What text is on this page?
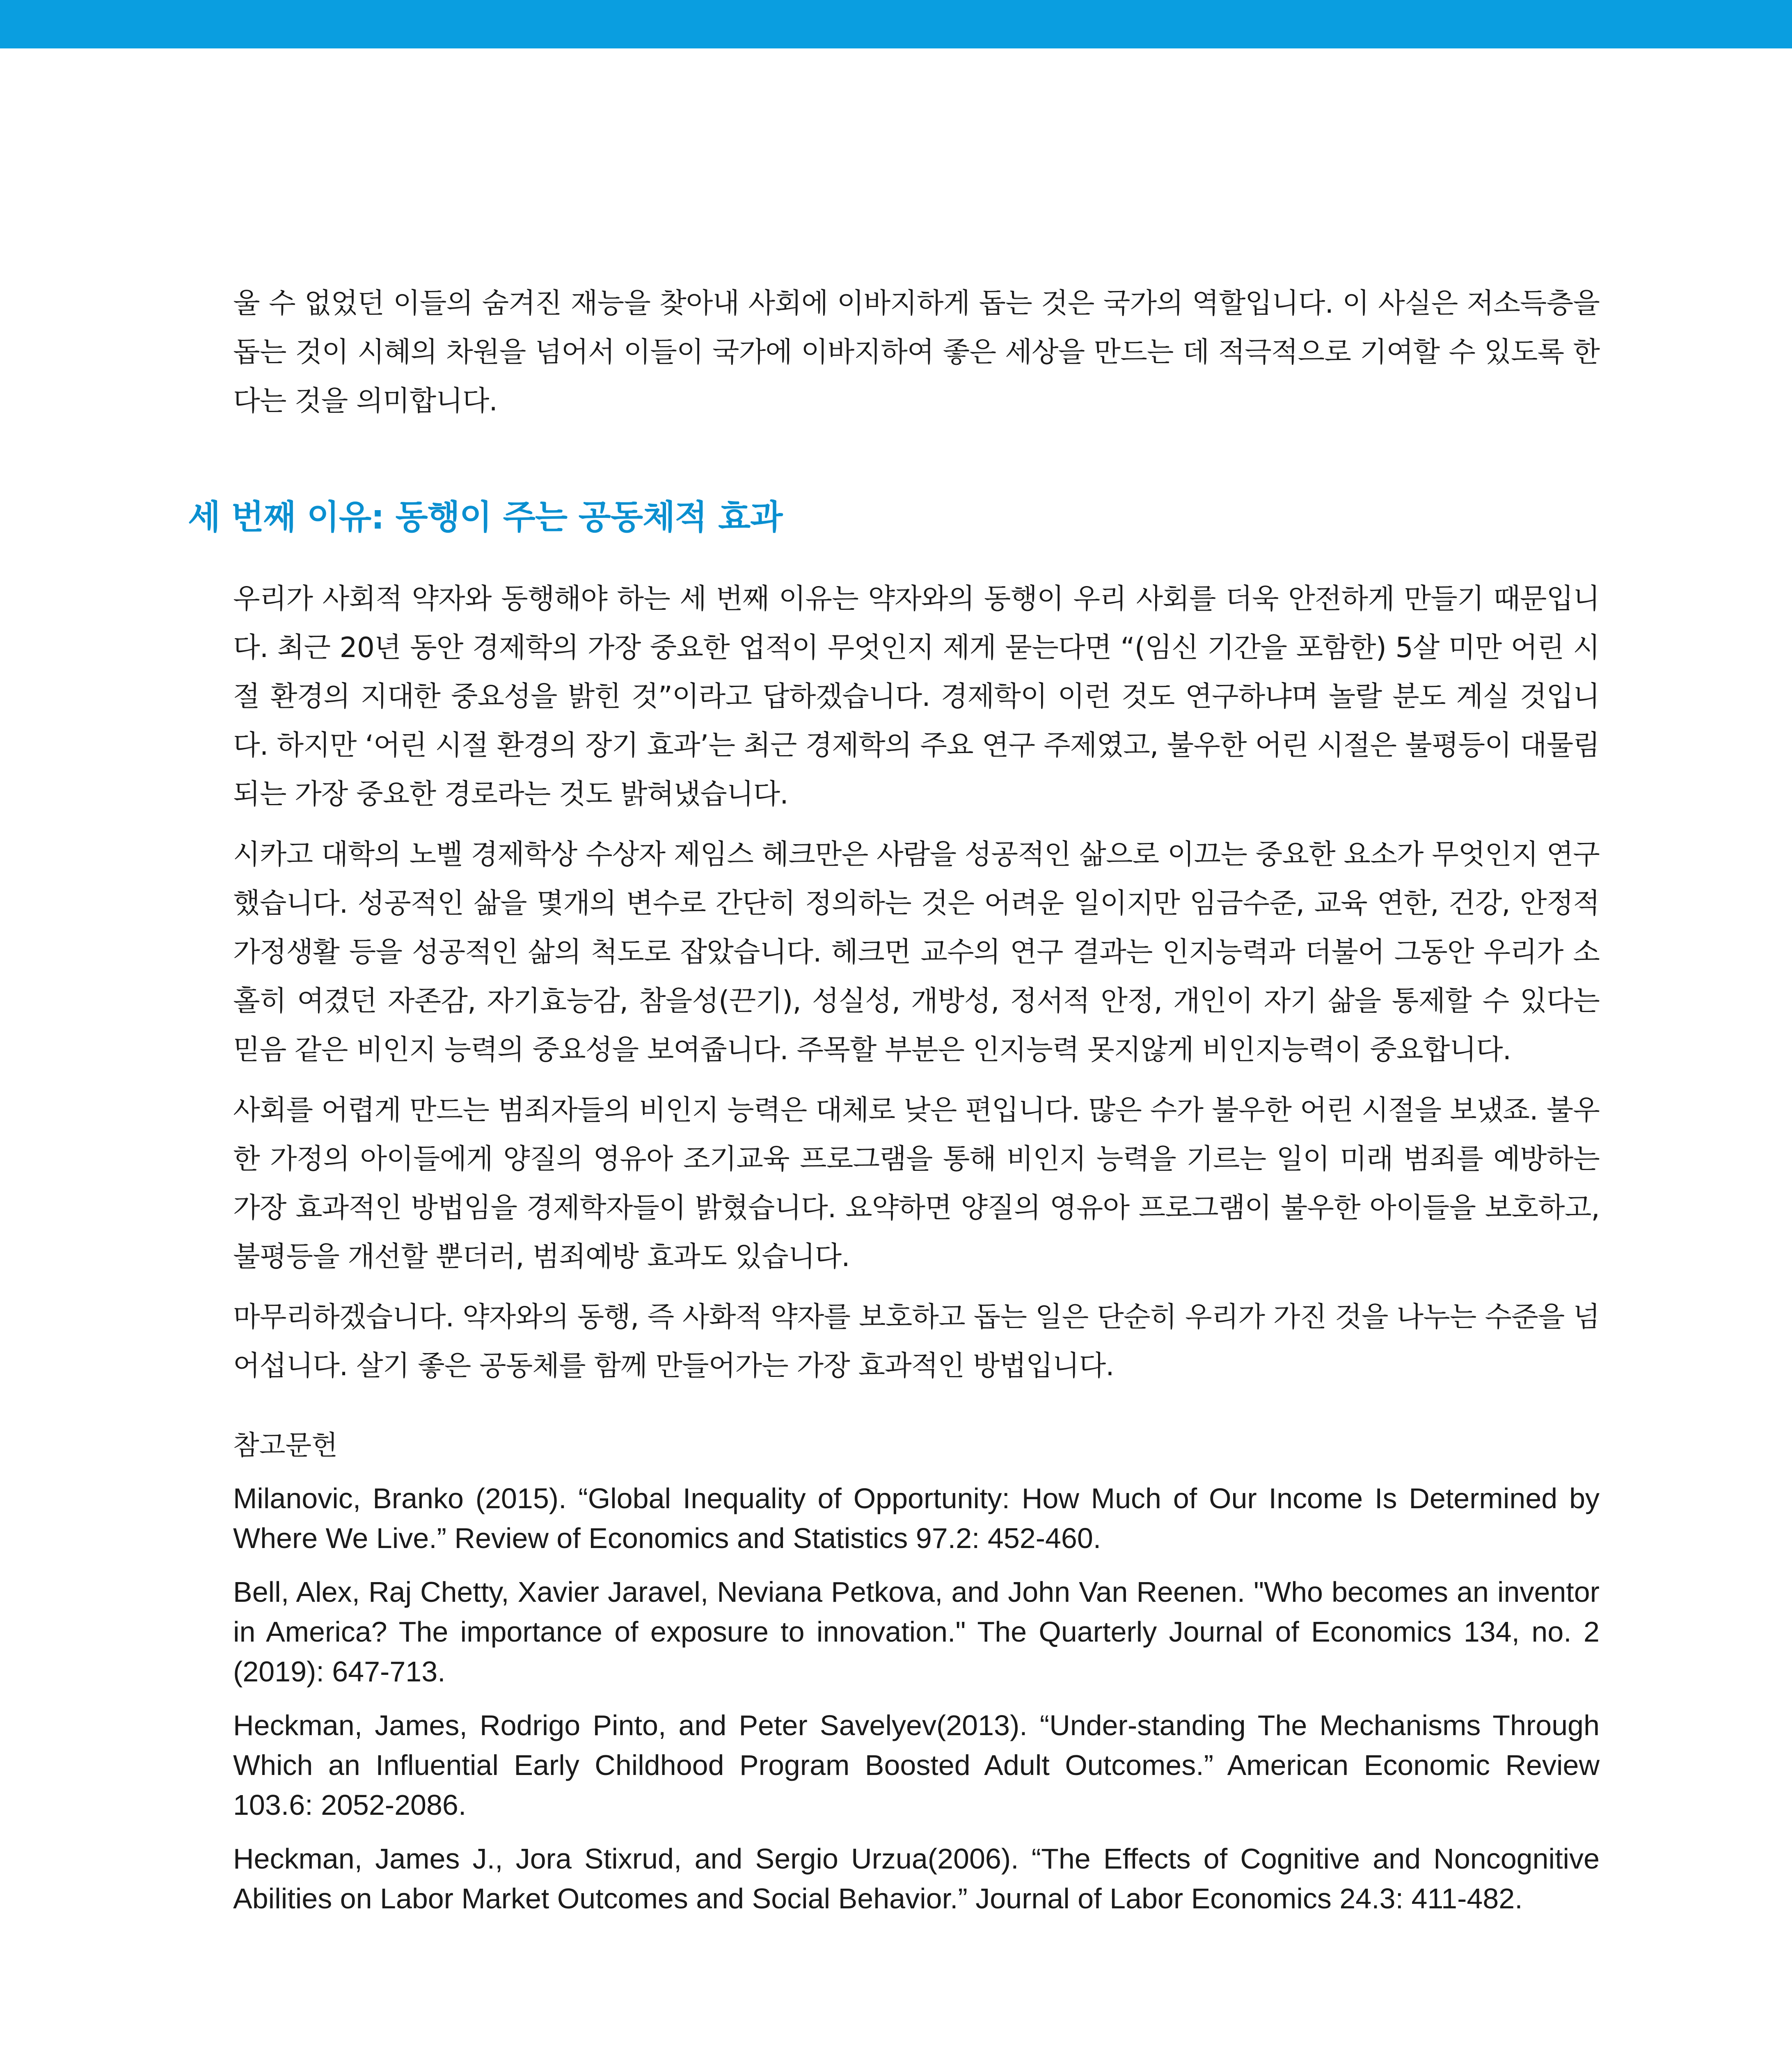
울 수 없었던 이들의 숨겨진 재능을 찾아내 사회에 이바지하게 돕는 것은 국가의 역할입니다. 이 사실은 저소득층을 돕는 것이 시혜의 차원을 넘어서 이들이 국가에 이바지하여 좋은 세상을 만드는 데 적극적으로 기여할 수 있도록 한다는 것을 의미합니다.

세 번째 이유: 동행이 주는 공동체적 효과

우리가 사회적 약자와 동행해야 하는 세 번째 이유는 약자와의 동행이 우리 사회를 더욱 안전하게 만들기 때문입니다. 최근 20년 동안 경제학의 가장 중요한 업적이 무엇인지 제게 묻는다면 “(임신 기간을 포함한) 5살 미만 어린 시절 환경의 지대한 중요성을 밝힌 것”이라고 답하겠습니다. 경제학이 이런 것도 연구하냐며 놀랄 분도 계실 것입니다. 하지만 ‘어린 시절 환경의 장기 효과’는 최근 경제학의 주요 연구 주제였고, 불우한 어린 시절은 불평등이 대물림되는 가장 중요한 경로라는 것도 밝혀냈습니다.

시카고 대학의 노벨 경제학상 수상자 제임스 헤크만은 사람을 성공적인 삶으로 이끄는 중요한 요소가 무엇인지 연구했습니다. 성공적인 삶을 몇개의 변수로 간단히 정의하는 것은 어려운 일이지만 임금수준, 교육 연한, 건강, 안정적 가정생활 등을 성공적인 삶의 척도로 잡았습니다. 헤크먼 교수의 연구 결과는 인지능력과 더불어 그동안 우리가 소홀히 여겼던 자존감, 자기효능감, 참을성(끈기), 성실성, 개방성, 정서적 안정, 개인이 자기 삶을 통제할 수 있다는 믿음 같은 비인지 능력의 중요성을 보여줍니다. 주목할 부분은 인지능력 못지않게 비인지능력이 중요합니다.

사회를 어렵게 만드는 범죄자들의 비인지 능력은 대체로 낮은 편입니다. 많은 수가 불우한 어린 시절을 보냈죠. 불우한 가정의 아이들에게 양질의 영유아 조기교육 프로그램을 통해 비인지 능력을 기르는 일이 미래 범죄를 예방하는 가장 효과적인 방법임을 경제학자들이 밝혔습니다. 요약하면 양질의 영유아 프로그램이 불우한 아이들을 보호하고, 불평등을 개선할 뿐더러, 범죄예방 효과도 있습니다.

마무리하겠습니다. 약자와의 동행, 즉 사화적 약자를 보호하고 돕는 일은 단순히 우리가 가진 것을 나누는 수준을 넘어섭니다. 살기 좋은 공동체를 함께 만들어가는 가장 효과적인 방법입니다.

참고문헌

Milanovic, Branko (2015). “Global Inequality of Opportunity: How Much of Our Income Is Determined by Where We Live.” Review of Economics and Statistics 97.2: 452-460.

Bell, Alex, Raj Chetty, Xavier Jaravel, Neviana Petkova, and John Van Reenen. "Who becomes an inventor in America? The importance of exposure to innovation." The Quarterly Journal of Economics 134, no. 2 (2019): 647-713.

Heckman, James, Rodrigo Pinto, and Peter Savelyev(2013). “Under-standing The Mechanisms Through Which an Influential Early Childhood Program Boosted Adult Outcomes.” American Economic Review 103.6: 2052-2086.

Heckman, James J., Jora Stixrud, and Sergio Urzua(2006). “The Effects of Cognitive and Noncognitive Abilities on Labor Market Outcomes and Social Behavior.” Journal of Labor Economics 24.3: 411-482.
